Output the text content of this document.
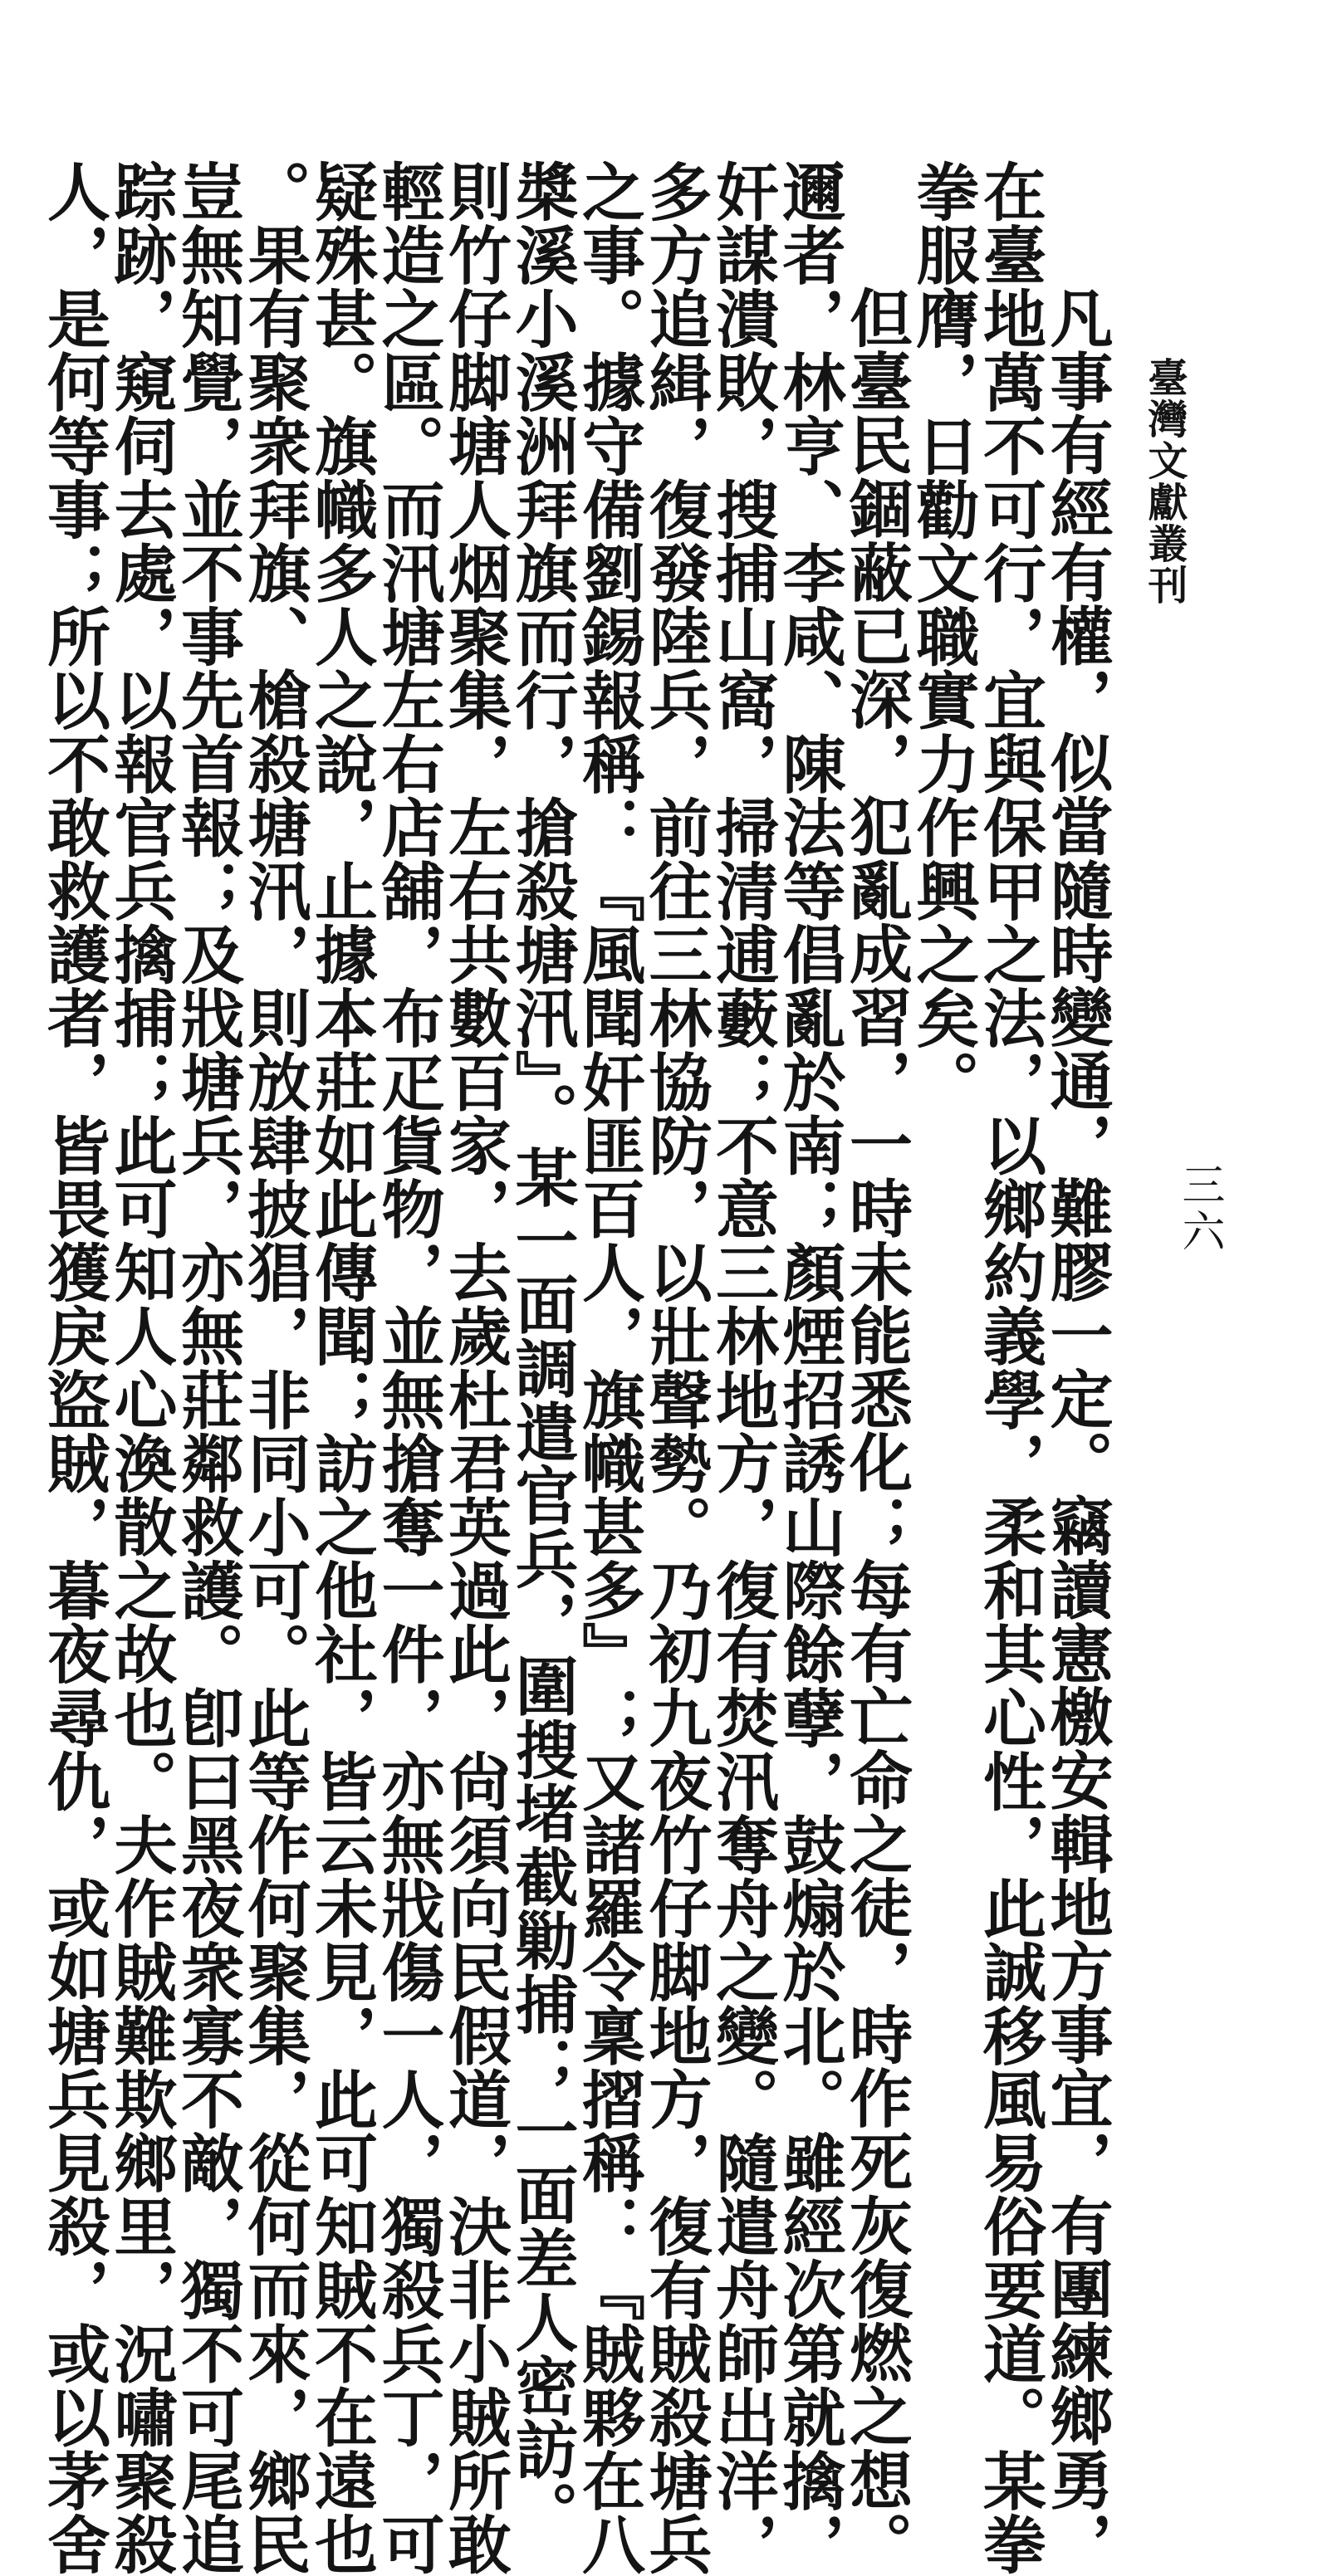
臺灣文獻叢刊
三六

凡事有經有權，似當隨時變通，難膠一定。竊讀憲檄安輯地方事宜，有團練鄉勇，

在臺地萬不可行，宜與保甲之法，以鄉約義學，柔和其心性，此誠移風易俗要道。某拳

拳服膺，日勸文職實力作興之矣。

但臺民錮蔽已深，犯亂成習，一時未能悉化；每有亡命之徒，時作死灰復燃之想。

邇者，林亨、李咸、陳法等倡亂於南；顏煙招誘山際餘孽，鼓煽於北。雖經次第就擒，

奸謀潰敗，搜捕山窩，掃清逋藪；不意三林地方，復有焚汛奪舟之變。隨遣舟師出洋，

多方追緝，復發陸兵，前往三林協防，以壯聲勢。乃初九夜竹仔脚地方，復有賊殺塘兵

之事。據守備劉錫報稱：『風聞奸匪百人，旗幟甚多』；又諸羅令稟摺稱：『賊夥在八

槳溪小溪洲拜旗而行，搶殺塘汛』。某一面調遣官兵，圍搜堵截勦捕；一面差人密訪。

則竹仔脚塘人烟聚集，左右共數百家，去歲杜君英過此，尙須向民假道，決非小賊所敢

輕造之區。而汛塘左右店舖，布疋貨物，並無搶奪一件，亦無戕傷一人，獨殺兵丁，可

疑殊甚。旗幟多人之說，止據本莊如此傳聞；訪之他社，皆云未見，此可知賊不在遠也

。果有聚衆拜旗、槍殺塘汛，則放肆披猖，非同小可。此等作何聚集，從何而來，鄉民

豈無知覺，並不事先首報；及戕塘兵，亦無莊鄰救護。卽曰黑夜衆寡不敵，獨不可尾追

踪跡，窺伺去處，以報官兵擒捕；此可知人心渙散之故也。夫作賊難欺鄉里，況嘯聚殺

人，是何等事；所以不敢救護者，皆畏獲戾盜賊，暮夜尋仇，或如塘兵見殺，或以茅舍
